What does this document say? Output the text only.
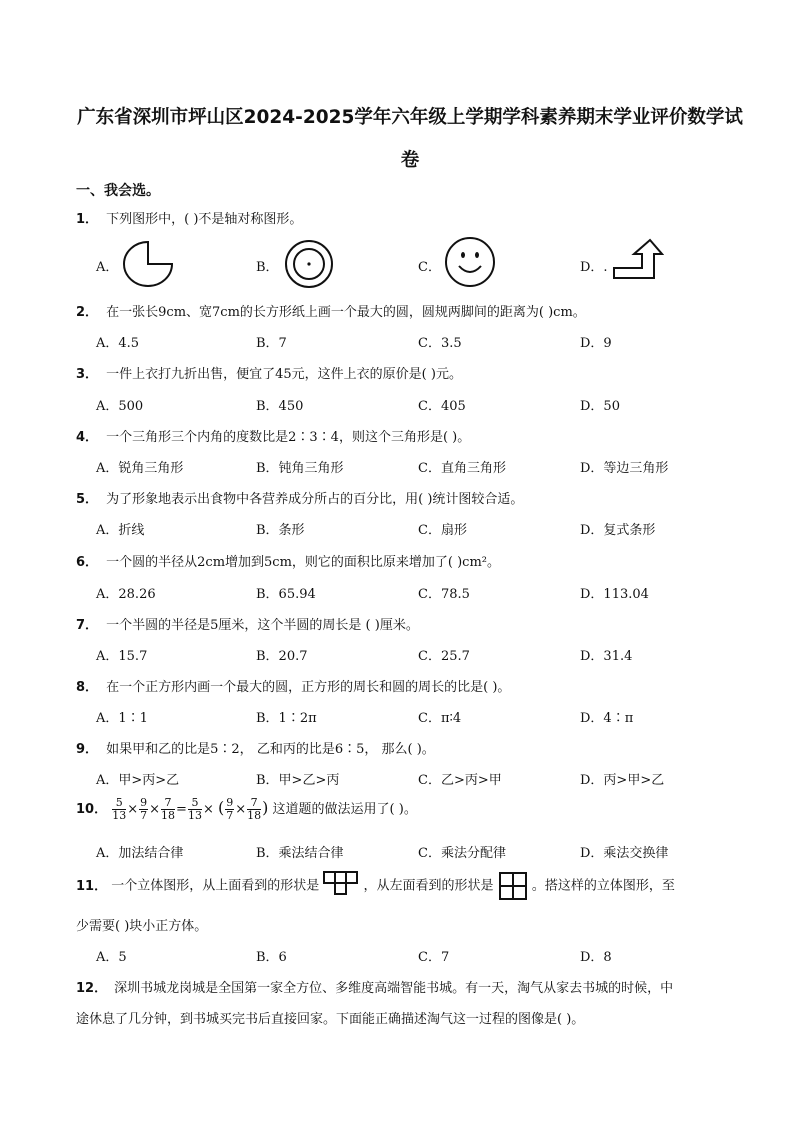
广东省深圳市坪山区2024-2025学年六年级上学期学科素养期末学业评价数学试
卷
一、我会选。
1． 下列图形中，( )不是轴对称图形。
A．	B．	C．	D．.
2． 在一张长9cm、宽7cm的长方形纸上画一个最大的圆，圆规两脚间的距离为( )cm。
A．4.5	B．7	C．3.5	D．9
3． 一件上衣打九折出售，便宜了45元，这件上衣的原价是( )元。
A．500	B．450	C．405	D．50
4． 一个三角形三个内角的度数比是2∶3∶4，则这个三角形是( )。
A．锐角三角形	B．钝角三角形	C．直角三角形	D．等边三角形
5． 为了形象地表示出食物中各营养成分所占的百分比，用( )统计图较合适。
A．折线	B．条形	C．扇形	D．复式条形
6． 一个圆的半径从2cm增加到5cm，则它的面积比原来增加了( )cm²。
A．28.26	B．65.94	C．78.5	D．113.04
7． 一个半圆的半径是5厘米，这个半圆的周长是 ( )厘米。
A．15.7	B．20.7	C．25.7	D．31.4
8． 在一个正方形内画一个最大的圆，正方形的周长和圆的周长的比是( )。
A．1∶1	B．1∶2π	C．π∶4	D．4∶π
9． 如果甲和乙的比是5∶2， 乙和丙的比是6∶5， 那么( )。
A．甲>丙>乙	B．甲>乙>丙	C．乙>丙>甲	D．丙>甲>乙
10． $\frac{5}{13} \times \frac{9}{7} \times \frac{7}{18} = \frac{5}{13}$ × ( $\frac{9}{7} \times \frac{7}{18}$ ) 这道题的做法运用了( )。
A．加法结合律	B．乘法结合律	C．乘法分配律	D．乘法交换律
11． 一个立体图形，从上面看到的形状是	，从左面看到的形状是	。搭这样的立体图形，至
少需要( )块小正方体。
A．5	B．6	C．7	D．8
12． 深圳书城龙岗城是全国第一家全方位、多维度高端智能书城。有一天，淘气从家去书城的时候，中
途休息了几分钟，到书城买完书后直接回家。下面能正确描述淘气这一过程的图像是( )。
